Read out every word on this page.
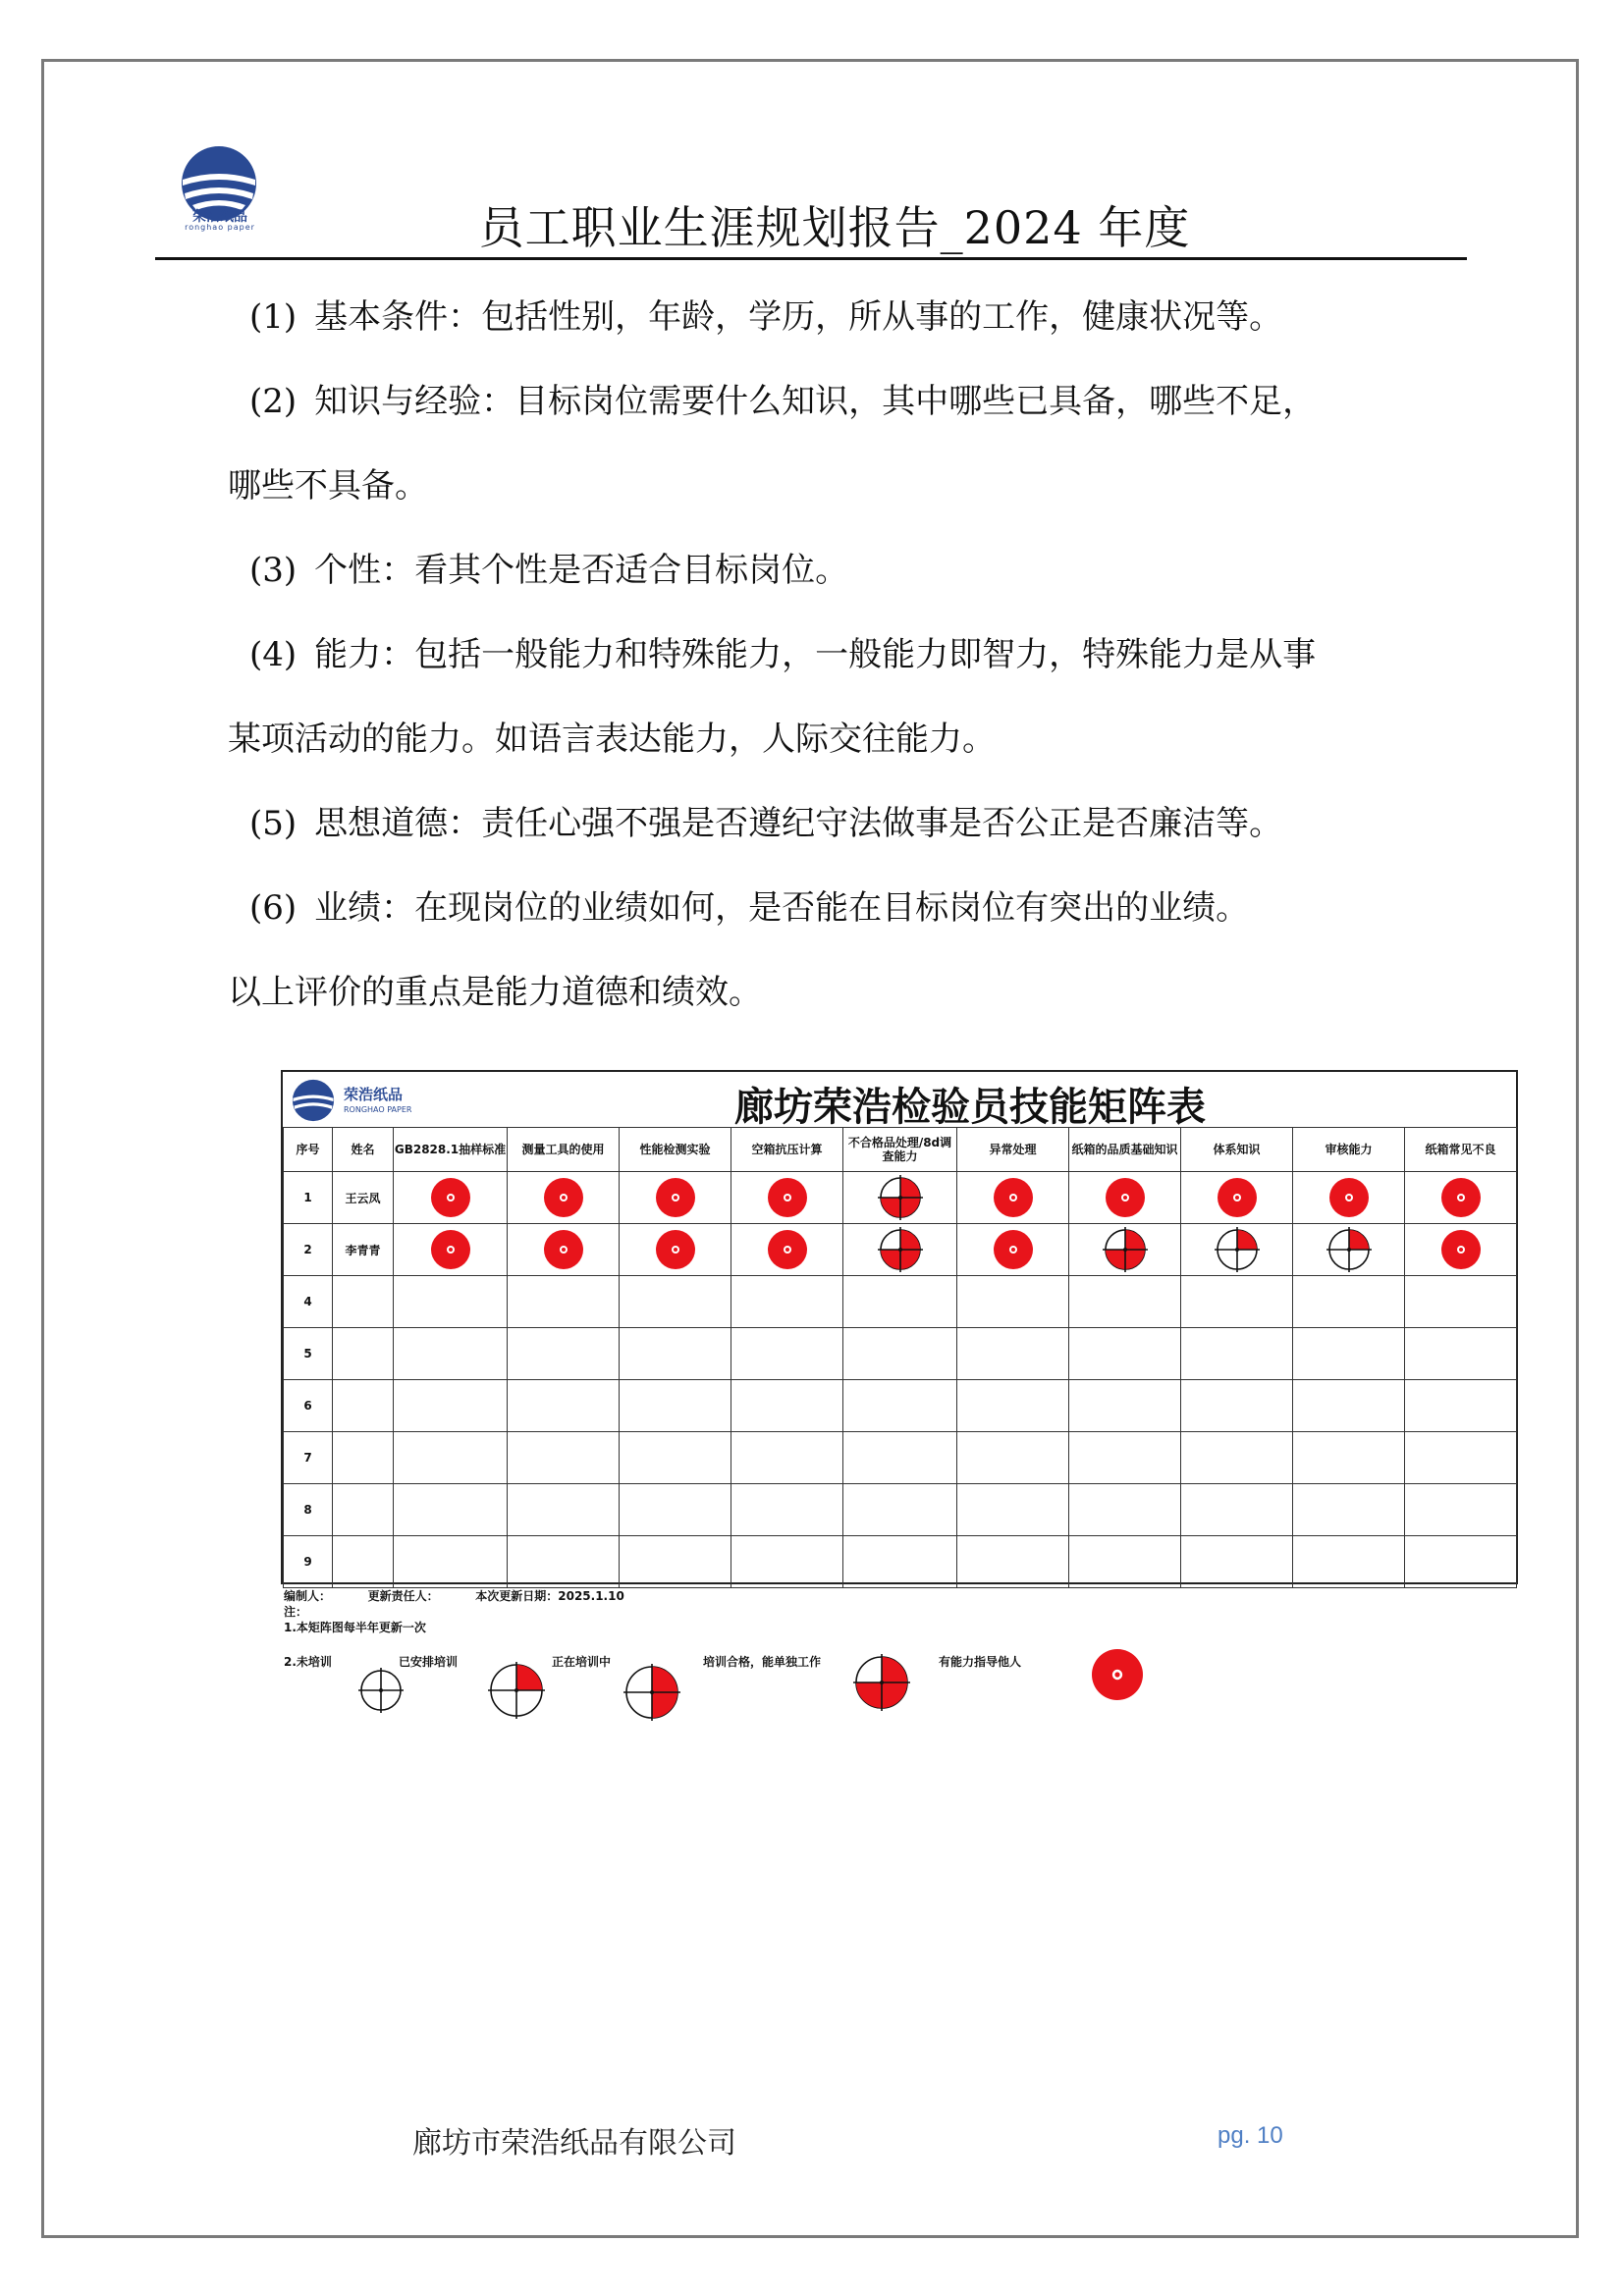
荣浩纸品
ronghao paper	员工职业生涯规划报告_2024 年度

(1) 基本条件：包括性别，年龄，学历，所从事的工作，健康状况等。

(2) 知识与经验：目标岗位需要什么知识，其中哪些已具备，哪些不足，

哪些不具备。

(3) 个性：看其个性是否适合目标岗位。

(4) 能力：包括一般能力和特殊能力，一般能力即智力，特殊能力是从事

某项活动的能力。如语言表达能力，人际交往能力。

(5) 思想道德：责任心强不强是否遵纪守法做事是否公正是否廉洁等。

(6) 业绩：在现岗位的业绩如何，是否能在目标岗位有突出的业绩。

以上评价的重点是能力道德和绩效。

荣浩纸品
RONGHAO PAPER	廊坊荣浩检验员技能矩阵表
序号	姓名	GB2828.1抽样标准	测量工具的使用	性能检测实验	空箱抗压计算	不合格品处理/8d调查能力	异常处理	纸箱的品质基础知识	体系知识	审核能力	纸箱常见不良
1	王云凤	

2	李青青	

4											
5											
6											
7											
8											
9											
编制人：	更新责任人：	本次更新日期：2025.1.10
注：
1.本矩阵图每半年更新一次
2.未培训	已安排培训	正在培训中	培训合格，能单独工作	有能力指导他人
廊坊市荣浩纸品有限公司	pg. 10
